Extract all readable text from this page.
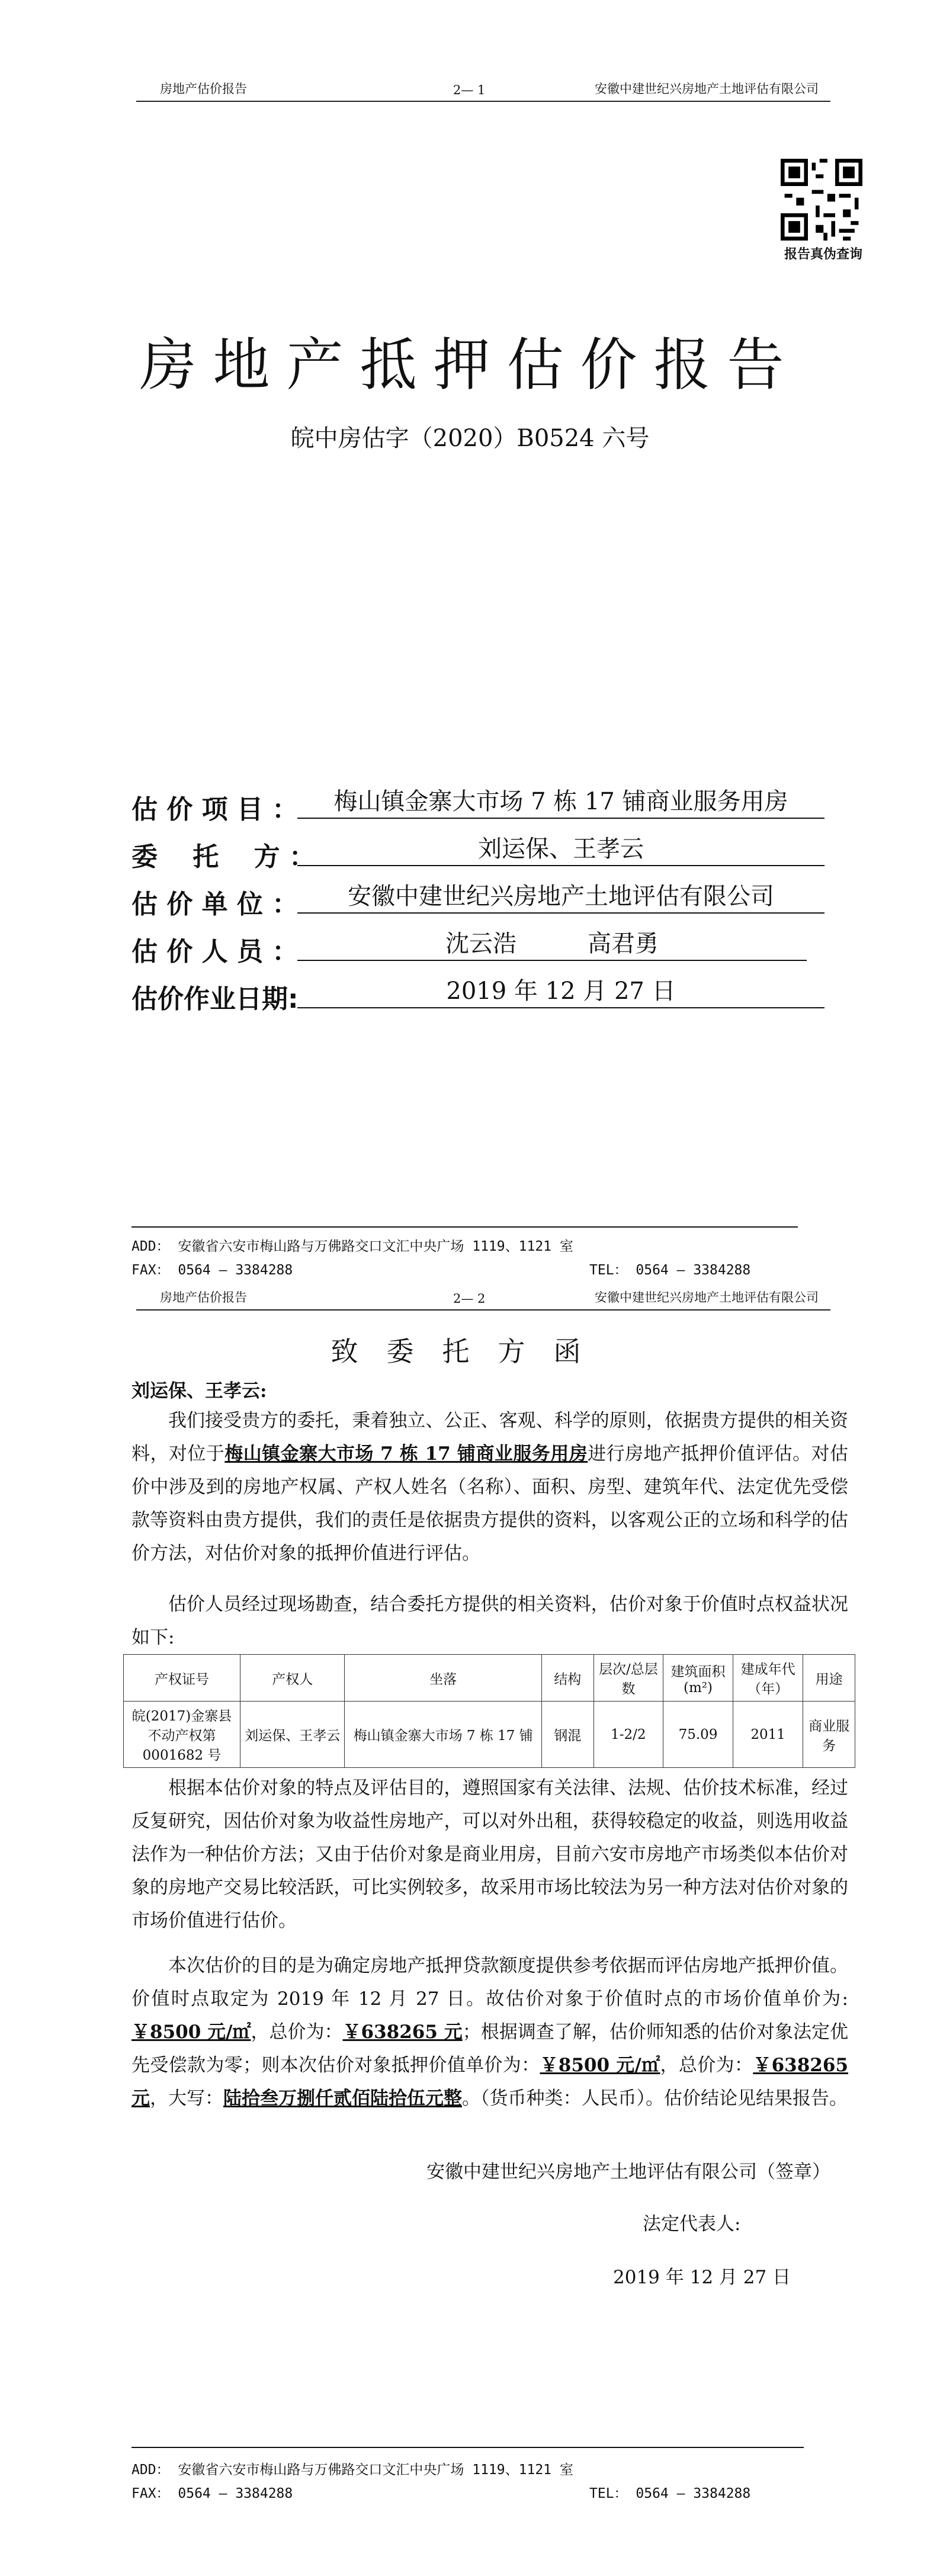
房地产估价报告	2— 1	安徽中建世纪兴房地产土地评估有限公司
报告真伪查询
房地产抵押估价报告
皖中房估字（2020）B0524 六号
估 价 项 目 ：	梅山镇金寨大市场 7 栋 17 铺商业服务用房
委　 托　 方 ：	刘运保、王孝云
估 价 单 位 ：	安徽中建世纪兴房地产土地评估有限公司
估 价 人 员 ：	沈云浩　　　高君勇
估价作业日期:	2019 年 12 月 27 日
ADD： 安徽省六安市梅山路与万佛路交口文汇中央广场 1119、1121 室
FAX： 0564 — 3384288	TEL： 0564 — 3384288
房地产估价报告	2— 2	安徽中建世纪兴房地产土地评估有限公司
致委托方函
刘运保、王孝云:
我们接受贵方的委托，秉着独立、公正、客观、科学的原则，依据贵方提供的相关资料，对位于梅山镇金寨大市场 7 栋 17 铺商业服务用房进行房地产抵押价值评估。对估价中涉及到的房地产权属、产权人姓名（名称）、面积、房型、建筑年代、法定优先受偿款等资料由贵方提供，我们的责任是依据贵方提供的资料，以客观公正的立场和科学的估价方法，对估价对象的抵押价值进行评估。
估价人员经过现场勘查，结合委托方提供的相关资料，估价对象于价值时点权益状况如下:
产权证号	产权人	坐落	结构	层次/总层数	建筑面积(m²)	建成年代（年）	用途
皖(2017)金寨县不动产权第 0001682 号	刘运保、王孝云	梅山镇金寨大市场 7 栋 17 铺	钢混	1-2/2	75.09	2011	商业服务
根据本估价对象的特点及评估目的，遵照国家有关法律、法规、估价技术标准，经过反复研究，因估价对象为收益性房地产，可以对外出租，获得较稳定的收益，则选用收益法作为一种估价方法；又由于估价对象是商业用房，目前六安市房地产市场类似本估价对象的房地产交易比较活跃，可比实例较多，故采用市场比较法为另一种方法对估价对象的市场价值进行估价。
本次估价的目的是为确定房地产抵押贷款额度提供参考依据而评估房地产抵押价值。价值时点取定为 2019 年 12 月 27 日。故估价对象于价值时点的市场价值单价为:￥8500 元/㎡，总价为：￥638265 元；根据调查了解，估价师知悉的估价对象法定优先受偿款为零；则本次估价对象抵押价值单价为：￥8500 元/㎡，总价为：￥638265 元，大写：陆拾叁万捌仟贰佰陆拾伍元整。（货币种类：人民币）。估价结论见结果报告。
安徽中建世纪兴房地产土地评估有限公司（签章）
法定代表人:
2019 年 12 月 27 日
ADD： 安徽省六安市梅山路与万佛路交口文汇中央广场 1119、1121 室
FAX： 0564 — 3384288	TEL： 0564 — 3384288
